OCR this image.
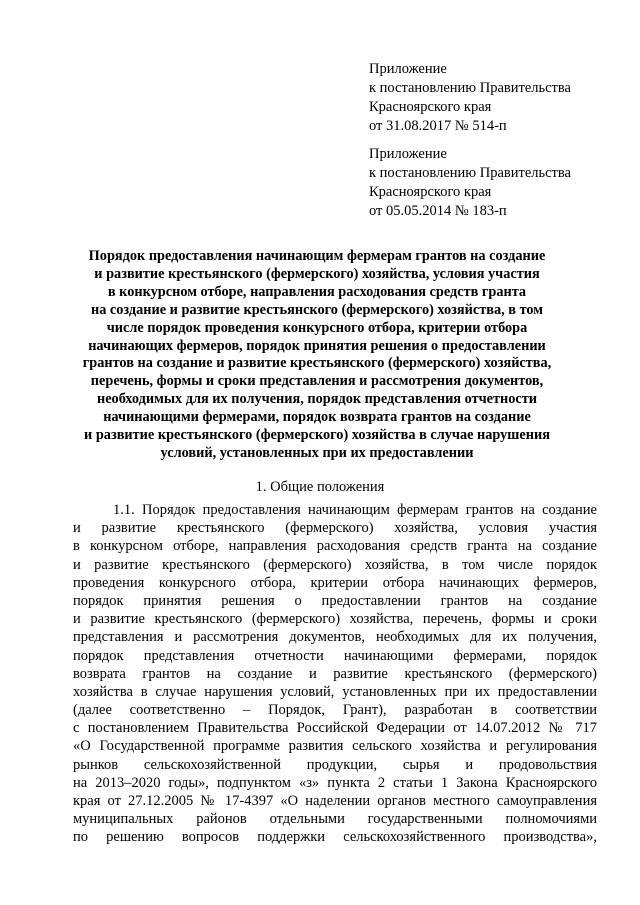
Приложение
к постановлению Правительства
Красноярского края
от 31.08.2017 № 514-п
Приложение
к постановлению Правительства
Красноярского края
от 05.05.2014 № 183-п
Порядок предоставления начинающим фермерам грантов на создание
и развитие крестьянского (фермерского) хозяйства, условия участия
в конкурсном отборе, направления расходования средств гранта
на создание и развитие крестьянского (фермерского) хозяйства, в том
числе порядок проведения конкурсного отбора, критерии отбора
начинающих фермеров, порядок принятия решения о предоставлении
грантов на создание и развитие крестьянского (фермерского) хозяйства,
перечень, формы и сроки представления и рассмотрения документов,
необходимых для их получения, порядок представления отчетности
начинающими фермерами, порядок возврата грантов на создание
и развитие крестьянского (фермерского) хозяйства в случае нарушения
условий, установленных при их предоставлении
1. Общие положения
1.1. Порядок предоставления начинающим фермерам грантов на создание
и развитие крестьянского (фермерского) хозяйства, условия участия
в конкурсном отборе, направления расходования средств гранта на создание
и развитие крестьянского (фермерского) хозяйства, в том числе порядок
проведения конкурсного отбора, критерии отбора начинающих фермеров,
порядок принятия решения о предоставлении грантов на создание
и развитие крестьянского (фермерского) хозяйства, перечень, формы и сроки
представления и рассмотрения документов, необходимых для их получения,
порядок представления отчетности начинающими фермерами, порядок
возврата грантов на создание и развитие крестьянского (фермерского)
хозяйства в случае нарушения условий, установленных при их предоставлении
(далее соответственно – Порядок, Грант), разработан в соответствии
с постановлением Правительства Российской Федерации от 14.07.2012 № 717
«О Государственной программе развития сельского хозяйства и регулирования
рынков сельскохозяйственной продукции, сырья и продовольствия
на 2013–2020 годы», подпунктом «з» пункта 2 статьи 1 Закона Красноярского
края от 27.12.2005 № 17-4397 «О наделении органов местного самоуправления
муниципальных районов отдельными государственными полномочиями
по решению вопросов поддержки сельскохозяйственного производства»,
